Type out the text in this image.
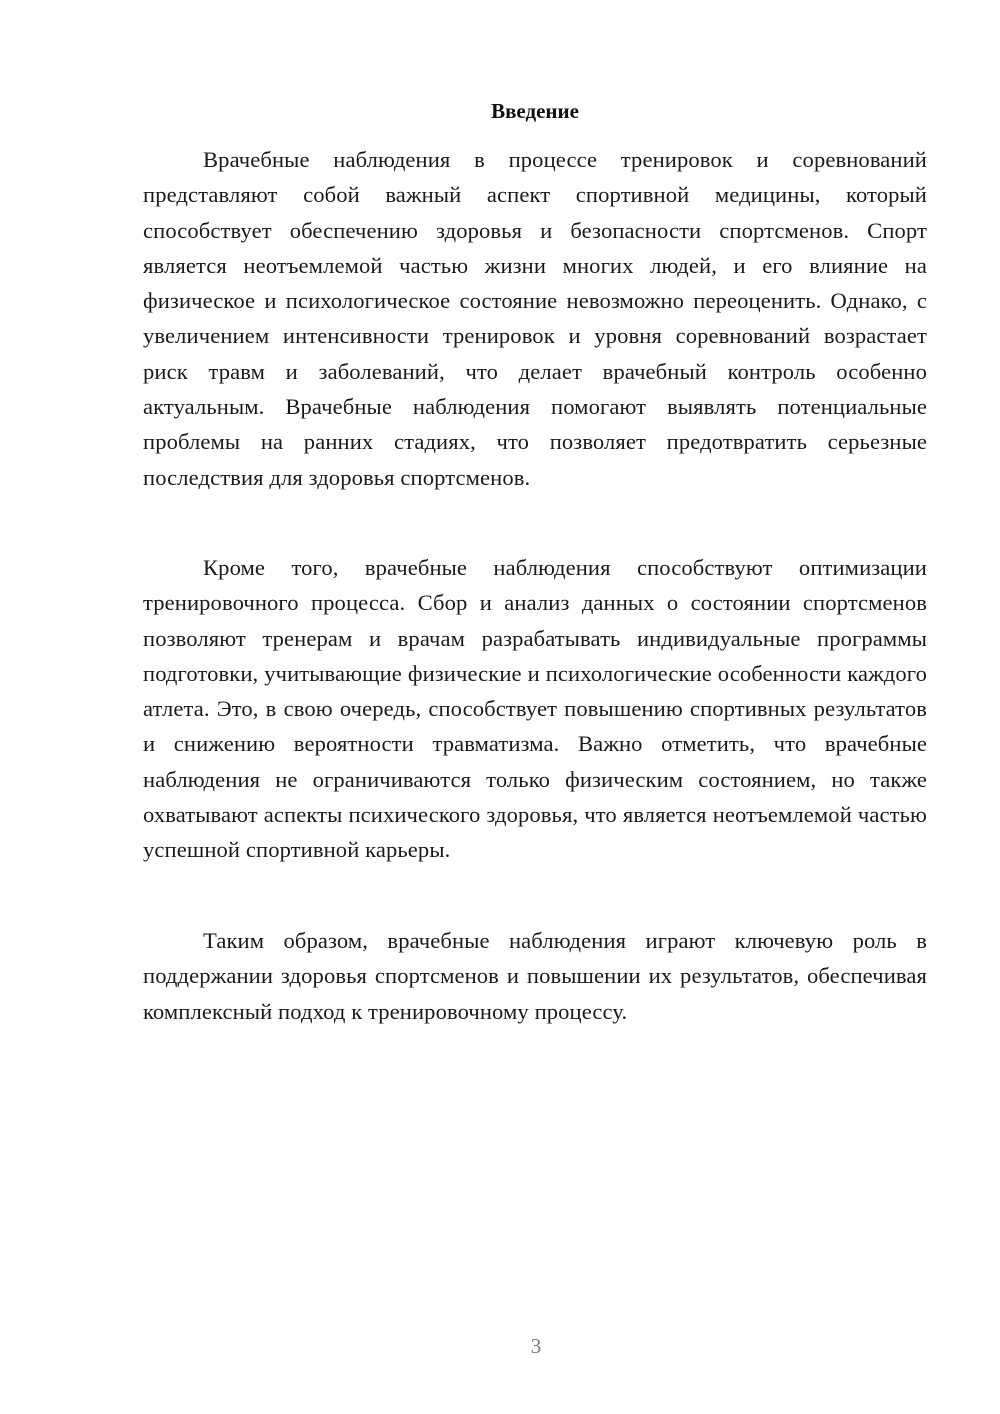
Введение

Врачебные наблюдения в процессе тренировок и соревнований представляют собой важный аспект спортивной медицины, который способствует обеспечению здоровья и безопасности спортсменов. Спорт является неотъемлемой частью жизни многих людей, и его влияние на физическое и психологическое состояние невозможно переоценить. Однако, с увеличением интенсивности тренировок и уровня соревнований возрастает риск травм и заболеваний, что делает врачебный контроль особенно актуальным. Врачебные наблюдения помогают выявлять потенциальные проблемы на ранних стадиях, что позволяет предотвратить серьезные последствия для здоровья спортсменов.

Кроме того, врачебные наблюдения способствуют оптимизации тренировочного процесса. Сбор и анализ данных о состоянии спортсменов позволяют тренерам и врачам разрабатывать индивидуальные программы подготовки, учитывающие физические и психологические особенности каждого атлета. Это, в свою очередь, способствует повышению спортивных результатов и снижению вероятности травматизма. Важно отметить, что врачебные наблюдения не ограничиваются только физическим состоянием, но также охватывают аспекты психического здоровья, что является неотъемлемой частью успешной спортивной карьеры.

Таким образом, врачебные наблюдения играют ключевую роль в поддержании здоровья спортсменов и повышении их результатов, обеспечивая комплексный подход к тренировочному процессу.

3
